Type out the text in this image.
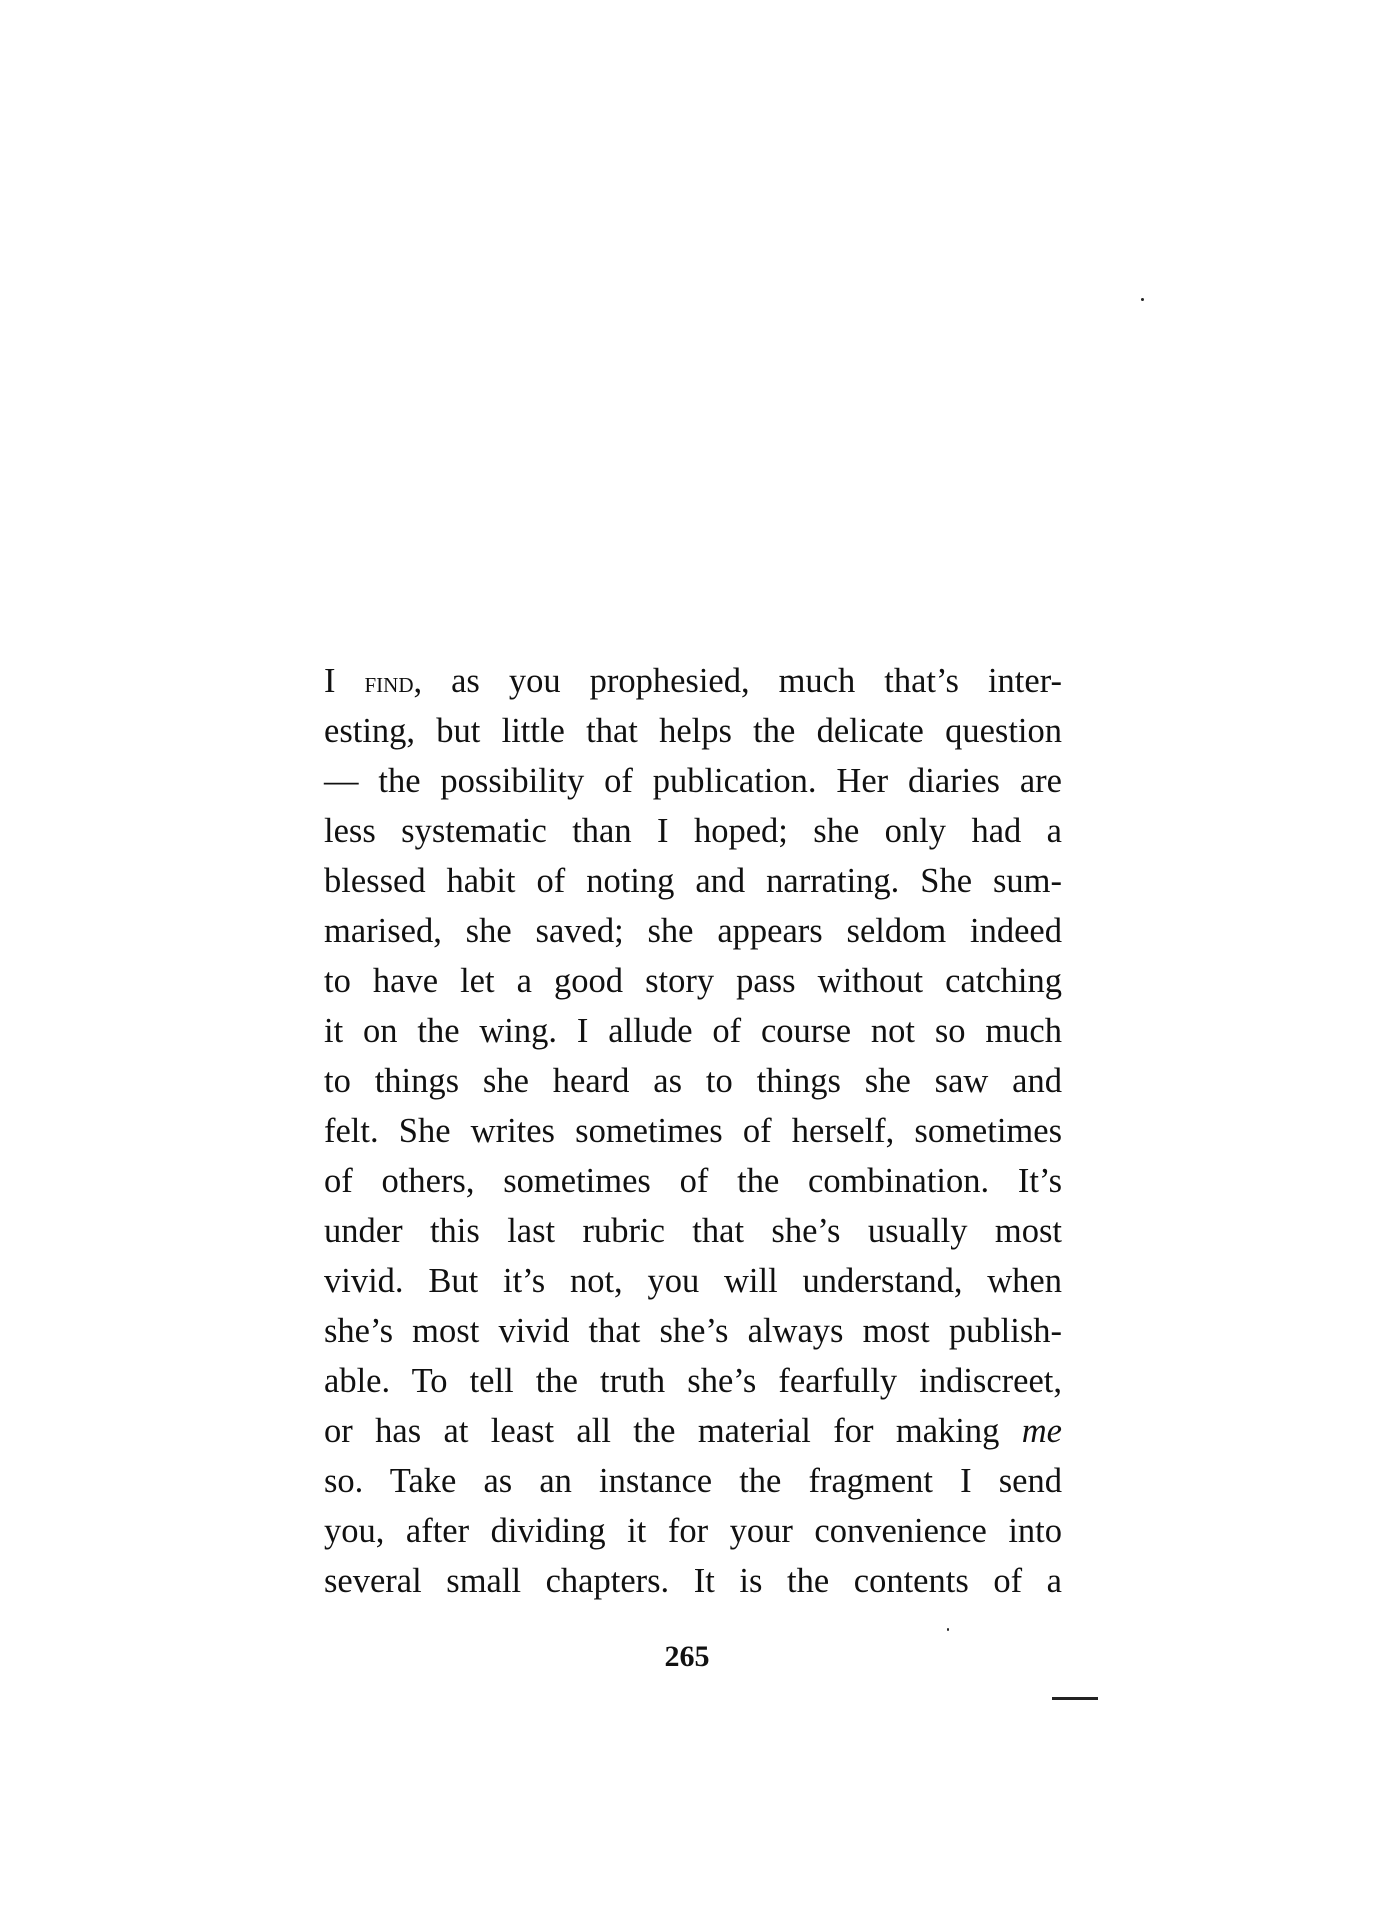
I find, as you prophesied, much that’s inter-
esting, but little that helps the delicate question
— the possibility of publication. Her diaries are
less systematic than I hoped; she only had a
blessed habit of noting and narrating. She sum-
marised, she saved; she appears seldom indeed
to have let a good story pass without catching
it on the wing. I allude of course not so much
to things she heard as to things she saw and
felt. She writes sometimes of herself, sometimes
of others, sometimes of the combination. It’s
under this last rubric that she’s usually most
vivid. But it’s not, you will understand, when
she’s most vivid that she’s always most publish-
able. To tell the truth she’s fearfully indiscreet,
or has at least all the material for making me
so. Take as an instance the fragment I send
you, after dividing it for your convenience into
several small chapters. It is the contents of a
265
